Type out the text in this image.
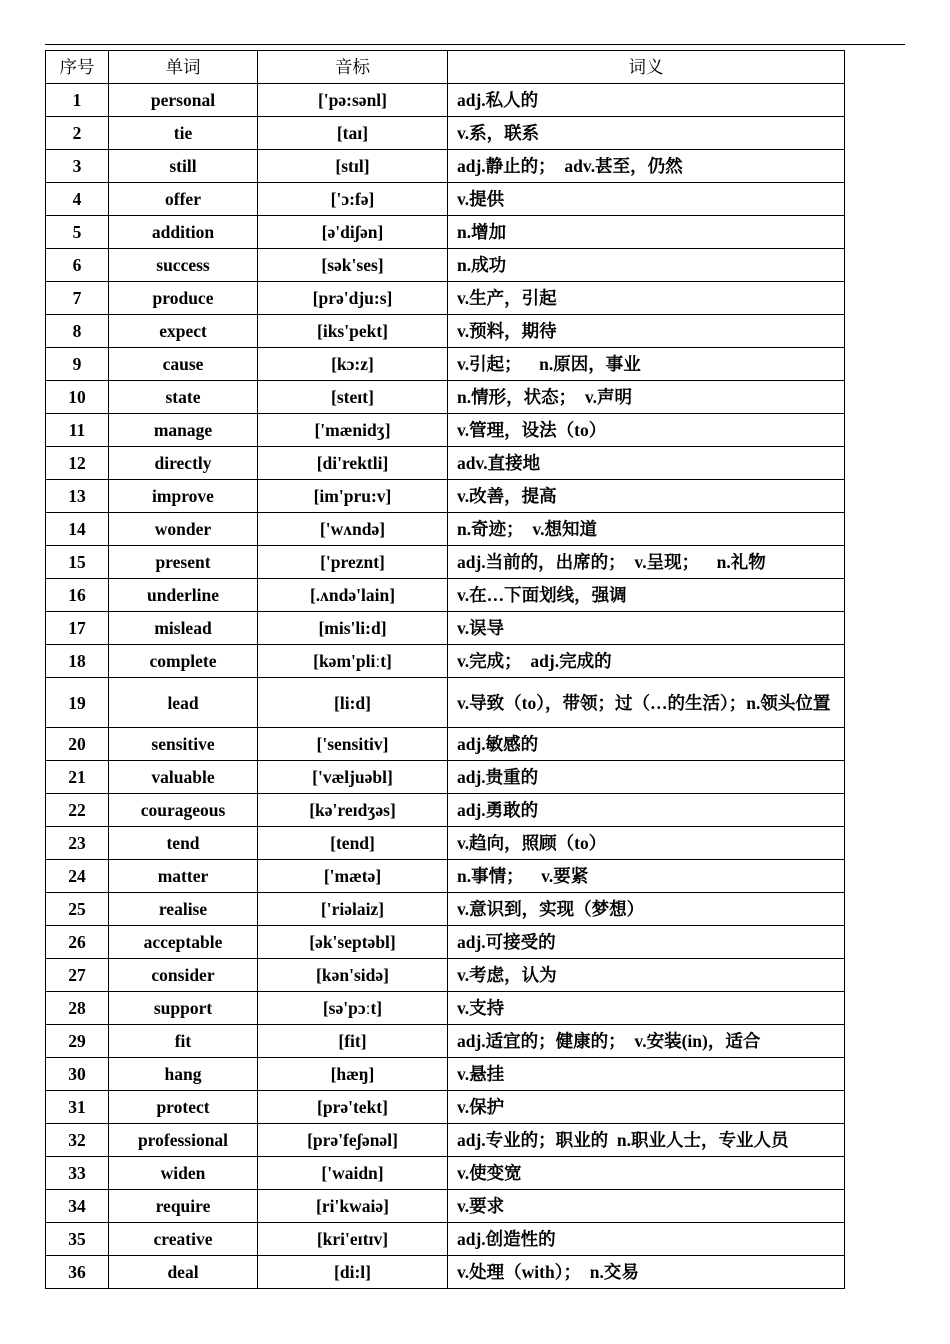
序号	单词	音标	词义
1	personal	['pə:sənl]	adj.私人的
2	tie	[taɪ]	v.系，联系
3	still	[stɪl]	adj.静止的；  adv.甚至，仍然
4	offer	['ɔ:fə]	v.提供
5	addition	[ə'diʃən]	n.增加
6	success	[sək'ses]	n.成功
7	produce	[prə'dju:s]	v.生产，引起
8	expect	[iks'pekt]	v.预料，期待
9	cause	[kɔ:z]	v.引起；    n.原因，事业
10	state	[steɪt]	n.情形，状态；  v.声明
11	manage	['mænidʒ]	v.管理，设法（to）
12	directly	[di'rektli]	adv.直接地
13	improve	[im'pru:v]	v.改善，提高
14	wonder	['wʌndə]	n.奇迹；  v.想知道
15	present	['preznt]	adj.当前的，出席的；  v.呈现；    n.礼物
16	underline	[.ʌndə'lain]	v.在…下面划线，强调
17	mislead	[mis'li:d]	v.误导
18	complete	[kəm'pliːt]	v.完成；  adj.完成的
19	lead	[li:d]	v.导致（to），带领；过（…的生活）；n.领头位置
20	sensitive	['sensitiv]	adj.敏感的
21	valuable	['væljuəbl]	adj.贵重的
22	courageous	[kə'reɪdʒəs]	adj.勇敢的
23	tend	[tend]	v.趋向，照顾（to）
24	matter	['mætə]	n.事情；    v.要紧
25	realise	['riəlaiz]	v.意识到，实现（梦想）
26	acceptable	[ək'septəbl]	adj.可接受的
27	consider	[kən'sidə]	v.考虑，认为
28	support	[sə'pɔːt]	v.支持
29	fit	[fit]	adj.适宜的；健康的；  v.安装(in)，适合
30	hang	[hæŋ]	v.悬挂
31	protect	[prə'tekt]	v.保护
32	professional	[prə'feʃənəl]	adj.专业的；职业的  n.职业人士，专业人员
33	widen	['waidn]	v.使变宽
34	require	[ri'kwaiə]	v.要求
35	creative	[kri'eɪtɪv]	adj.创造性的
36	deal	[di:l]	v.处理（with）；  n.交易
